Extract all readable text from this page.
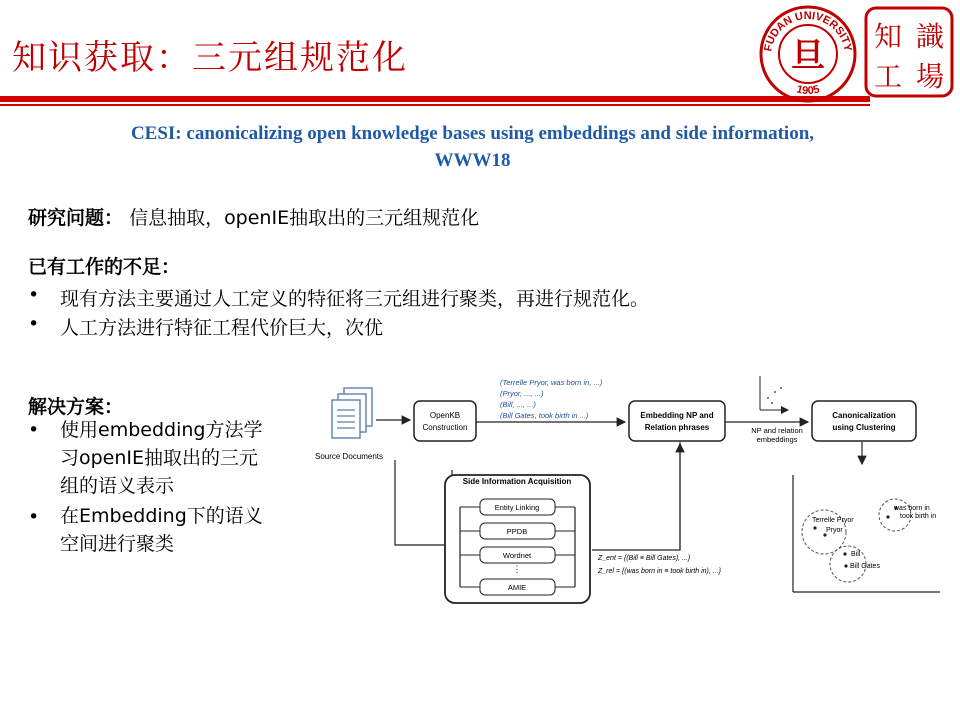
知识获取：三元组规范化	FUDAN UNIVERSITY
1905
旦
知 識
工 場
CESI: canonicalizing open knowledge bases using embeddings and side information,
WWW18
研究问题： 信息抽取，openIE抽取出的三元组规范化
已有工作的不足：
• 现有方法主要通过人工定义的特征将三元组进行聚类，再进行规范化。
• 人工方法进行特征工程代价巨大，次优
解决方案：
• 使用embedding方法学
习openIE抽取出的三元
组的语义表示
• 在Embedding下的语义
空间进行聚类
Source Documents
OpenKB
Construction
(Terrelle Pryor, was born in, ...)
(Pryor, ..., ...)
(Bill, ..., ...)
(Bill Gates, took birth in ...)	Embedding NP and
Relation phrases	NP and relation
embeddings
Canonicalization
using Clustering
Terrelle Pryor
Pryor
was born in
took birth in
Bill
Bill Gates
Side Information Acquisition
Entity Linking
PPDB
Wordnet
⋮
AMIE
Z_ent = {(Bill ≡ Bill Gates), ...}
Z_rel = {(was born in ≡ took birth in), ...}
